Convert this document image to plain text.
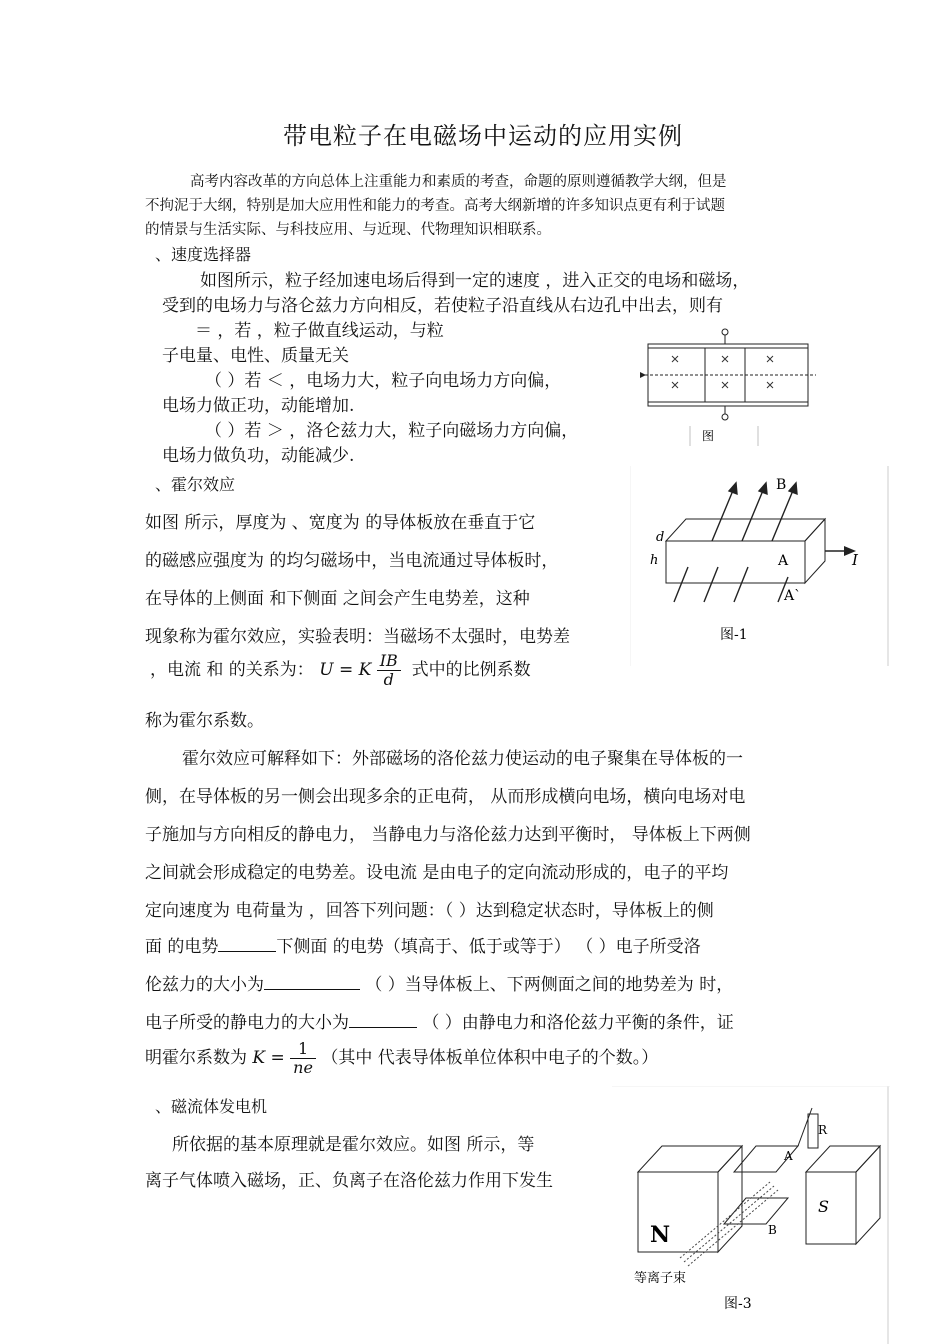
带电粒子在电磁场中运动的应用实例
高考内容改革的方向总体上注重能力和素质的考查，命题的原则遵循教学大纲，但是
不拘泥于大纲，特别是加大应用性和能力的考查。高考大纲新增的许多知识点更有利于试题
的情景与生活实际、与科技应用、与近现、代物理知识相联系。
、速度选择器
如图所示，粒子经加速电场后得到一定的速度 ，进入正交的电场和磁场，
受到的电场力与洛仑兹力方向相反，若使粒子沿直线从右边孔中出去，则有
＝ ，若 ，粒子做直线运动，与粒
子电量、电性、质量无关
（ ）若 ＜ ，电场力大，粒子向电场力方向偏，
电场力做正功，动能增加.
（ ）若 ＞ ，洛仑兹力大，粒子向磁场力方向偏，
电场力做负功，动能减少.
图
、霍尔效应
如图 所示，厚度为 、宽度为 的导体板放在垂直于它
的磁感应强度为 的均匀磁场中，当电流通过导体板时，
在导体的上侧面 和下侧面 之间会产生电势差，这种
现象称为霍尔效应，实验表明：当磁场不太强时，电势差
，电流 和 的关系为： U = K $\frac{IB}{d}$ 式中的比例系数
称为霍尔系数。
B
d
h	A	I
A`
图-1
霍尔效应可解释如下：外部磁场的洛伦兹力使运动的电子聚集在导体板的一
侧，在导体板的另一侧会出现多余的正电荷， 从而形成横向电场，横向电场对电
子施加与方向相反的静电力， 当静电力与洛伦兹力达到平衡时， 导体板上下两侧
之间就会形成稳定的电势差。设电流 是由电子的定向流动形成的，电子的平均
定向速度为 电荷量为 ，回答下列问题：（ ）达到稳定状态时，导体板上的侧
面 的电势	下侧面 的电势（填高于、低于或等于） （ ）电子所受洛
伦兹力的大小为	（ ）当导体板上、下两侧面之间的地势差为 时，
电子所受的静电力的大小为	（ ）由静电力和洛伦兹力平衡的条件，证
明霍尔系数为 $K = \frac{1}{ne}$ （其中 代表导体板单位体积中电子的个数。）
、磁流体发电机
所依据的基本原理就是霍尔效应。如图 所示，等
离子气体喷入磁场，正、负离子在洛伦兹力作用下发生
N
S
A
B
R
等离子束
图-3
